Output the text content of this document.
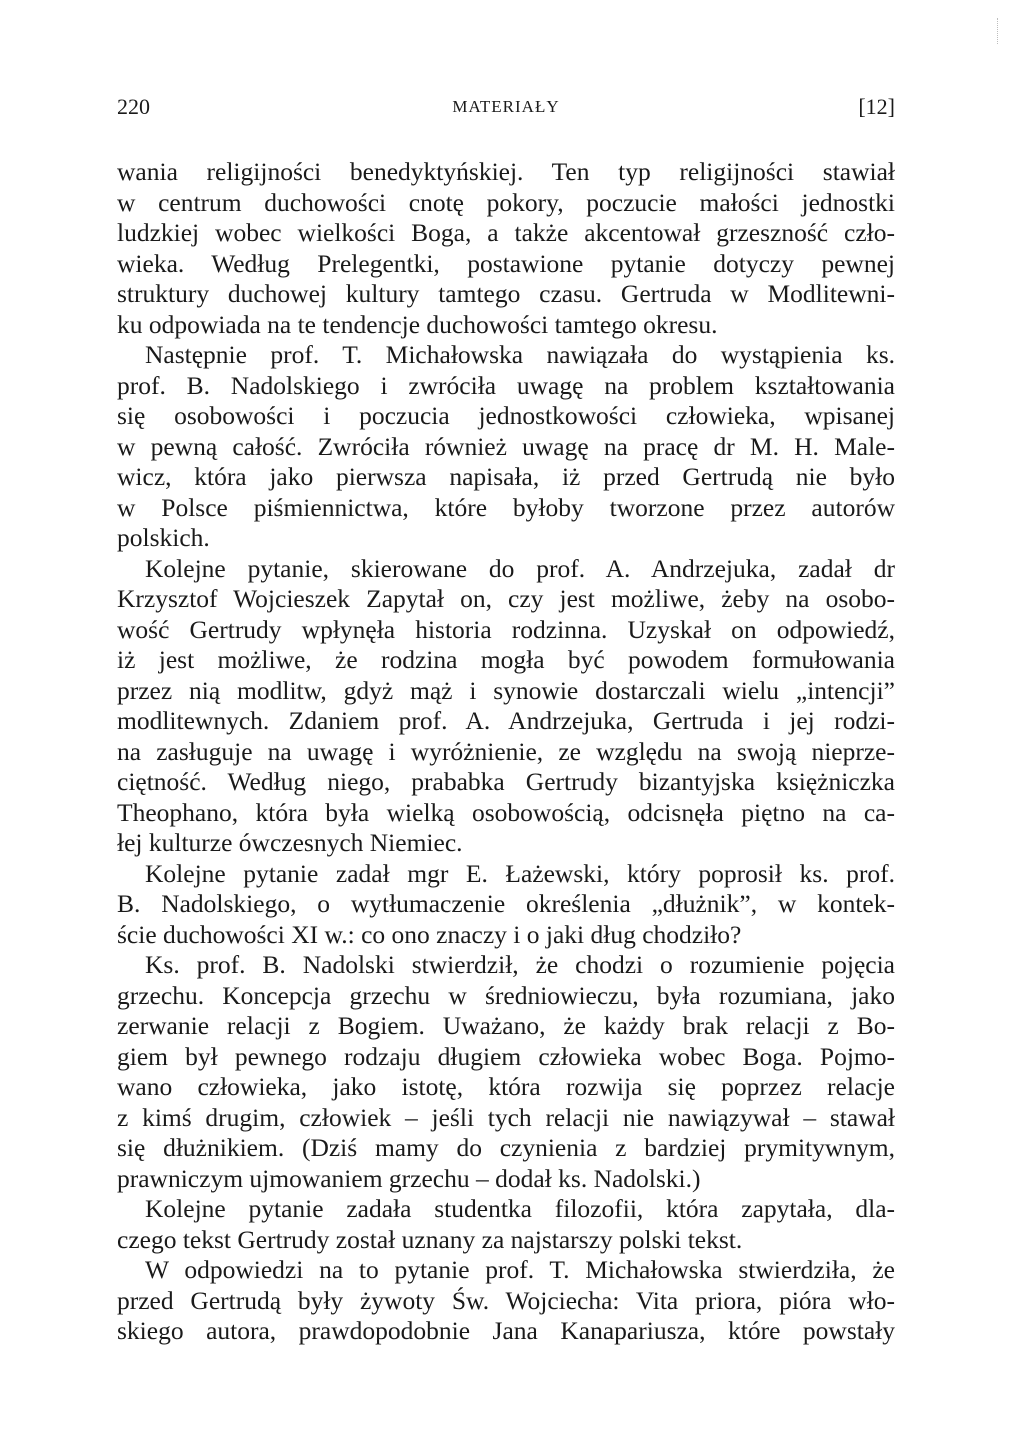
220	MATERIAŁY	[12]
wania religijności benedyktyńskiej. Ten typ religijności stawiał
w centrum duchowości cnotę pokory, poczucie małości jednostki
ludzkiej wobec wielkości Boga, a także akcentował grzeszność czło-
wieka. Według Prelegentki, postawione pytanie dotyczy pewnej
struktury duchowej kultury tamtego czasu. Gertruda w Modlitewni-
ku odpowiada na te tendencje duchowości tamtego okresu.
Następnie prof. T. Michałowska nawiązała do wystąpienia ks.
prof. B. Nadolskiego i zwróciła uwagę na problem kształtowania
się osobowości i poczucia jednostkowości człowieka, wpisanej
w pewną całość. Zwróciła również uwagę na pracę dr M. H. Male-
wicz, która jako pierwsza napisała, iż przed Gertrudą nie było
w Polsce piśmiennictwa, które byłoby tworzone przez autorów
polskich.
Kolejne pytanie, skierowane do prof. A. Andrzejuka, zadał dr
Krzysztof Wojcieszek Zapytał on, czy jest możliwe, żeby na osobo-
wość Gertrudy wpłynęła historia rodzinna. Uzyskał on odpowiedź,
iż jest możliwe, że rodzina mogła być powodem formułowania
przez nią modlitw, gdyż mąż i synowie dostarczali wielu „intencji”
modlitewnych. Zdaniem prof. A. Andrzejuka, Gertruda i jej rodzi-
na zasługuje na uwagę i wyróżnienie, ze względu na swoją nieprze-
ciętność. Według niego, prababka Gertrudy bizantyjska księżniczka
Theophano, która była wielką osobowością, odcisnęła piętno na ca-
łej kulturze ówczesnych Niemiec.
Kolejne pytanie zadał mgr E. Łażewski, który poprosił ks. prof.
B. Nadolskiego, o wytłumaczenie określenia „dłużnik”, w kontek-
ście duchowości XI w.: co ono znaczy i o jaki dług chodziło?
Ks. prof. B. Nadolski stwierdził, że chodzi o rozumienie pojęcia
grzechu. Koncepcja grzechu w średniowieczu, była rozumiana, jako
zerwanie relacji z Bogiem. Uważano, że każdy brak relacji z Bo-
giem był pewnego rodzaju długiem człowieka wobec Boga. Pojmo-
wano człowieka, jako istotę, która rozwija się poprzez relacje
z kimś drugim, człowiek – jeśli tych relacji nie nawiązywał – stawał
się dłużnikiem. (Dziś mamy do czynienia z bardziej prymitywnym,
prawniczym ujmowaniem grzechu – dodał ks. Nadolski.)
Kolejne pytanie zadała studentka filozofii, która zapytała, dla-
czego tekst Gertrudy został uznany za najstarszy polski tekst.
W odpowiedzi na to pytanie prof. T. Michałowska stwierdziła, że
przed Gertrudą były żywoty Św. Wojciecha: Vita priora, pióra wło-
skiego autora, prawdopodobnie Jana Kanapariusza, które powstały
